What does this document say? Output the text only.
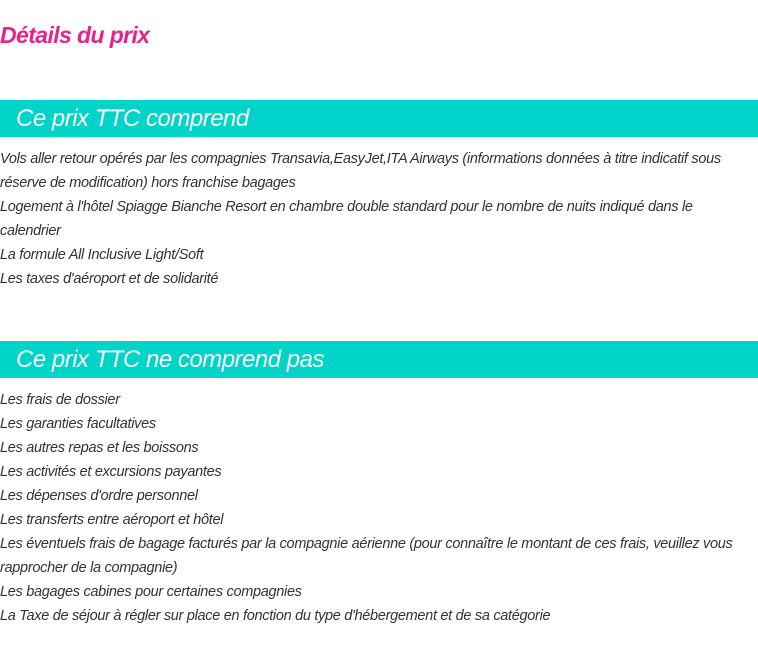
Détails du prix
Ce prix TTC comprend
Vols aller retour opérés par les compagnies Transavia,EasyJet,ITA Airways (informations données à titre indicatif sous réserve de modification) hors franchise bagages
Logement à l'hôtel Spiagge Bianche Resort en chambre double standard pour le nombre de nuits indiqué dans le calendrier
La formule All Inclusive Light/Soft
Les taxes d'aéroport et de solidarité
Ce prix TTC ne comprend pas
Les frais de dossier
Les garanties facultatives
Les autres repas et les boissons
Les activités et excursions payantes
Les dépenses d'ordre personnel
Les transferts entre aéroport et hôtel
Les éventuels frais de bagage facturés par la compagnie aérienne (pour connaître le montant de ces frais, veuillez vous rapprocher de la compagnie)
Les bagages cabines pour certaines compagnies
La Taxe de séjour à régler sur place en fonction du type d'hébergement et de sa catégorie
